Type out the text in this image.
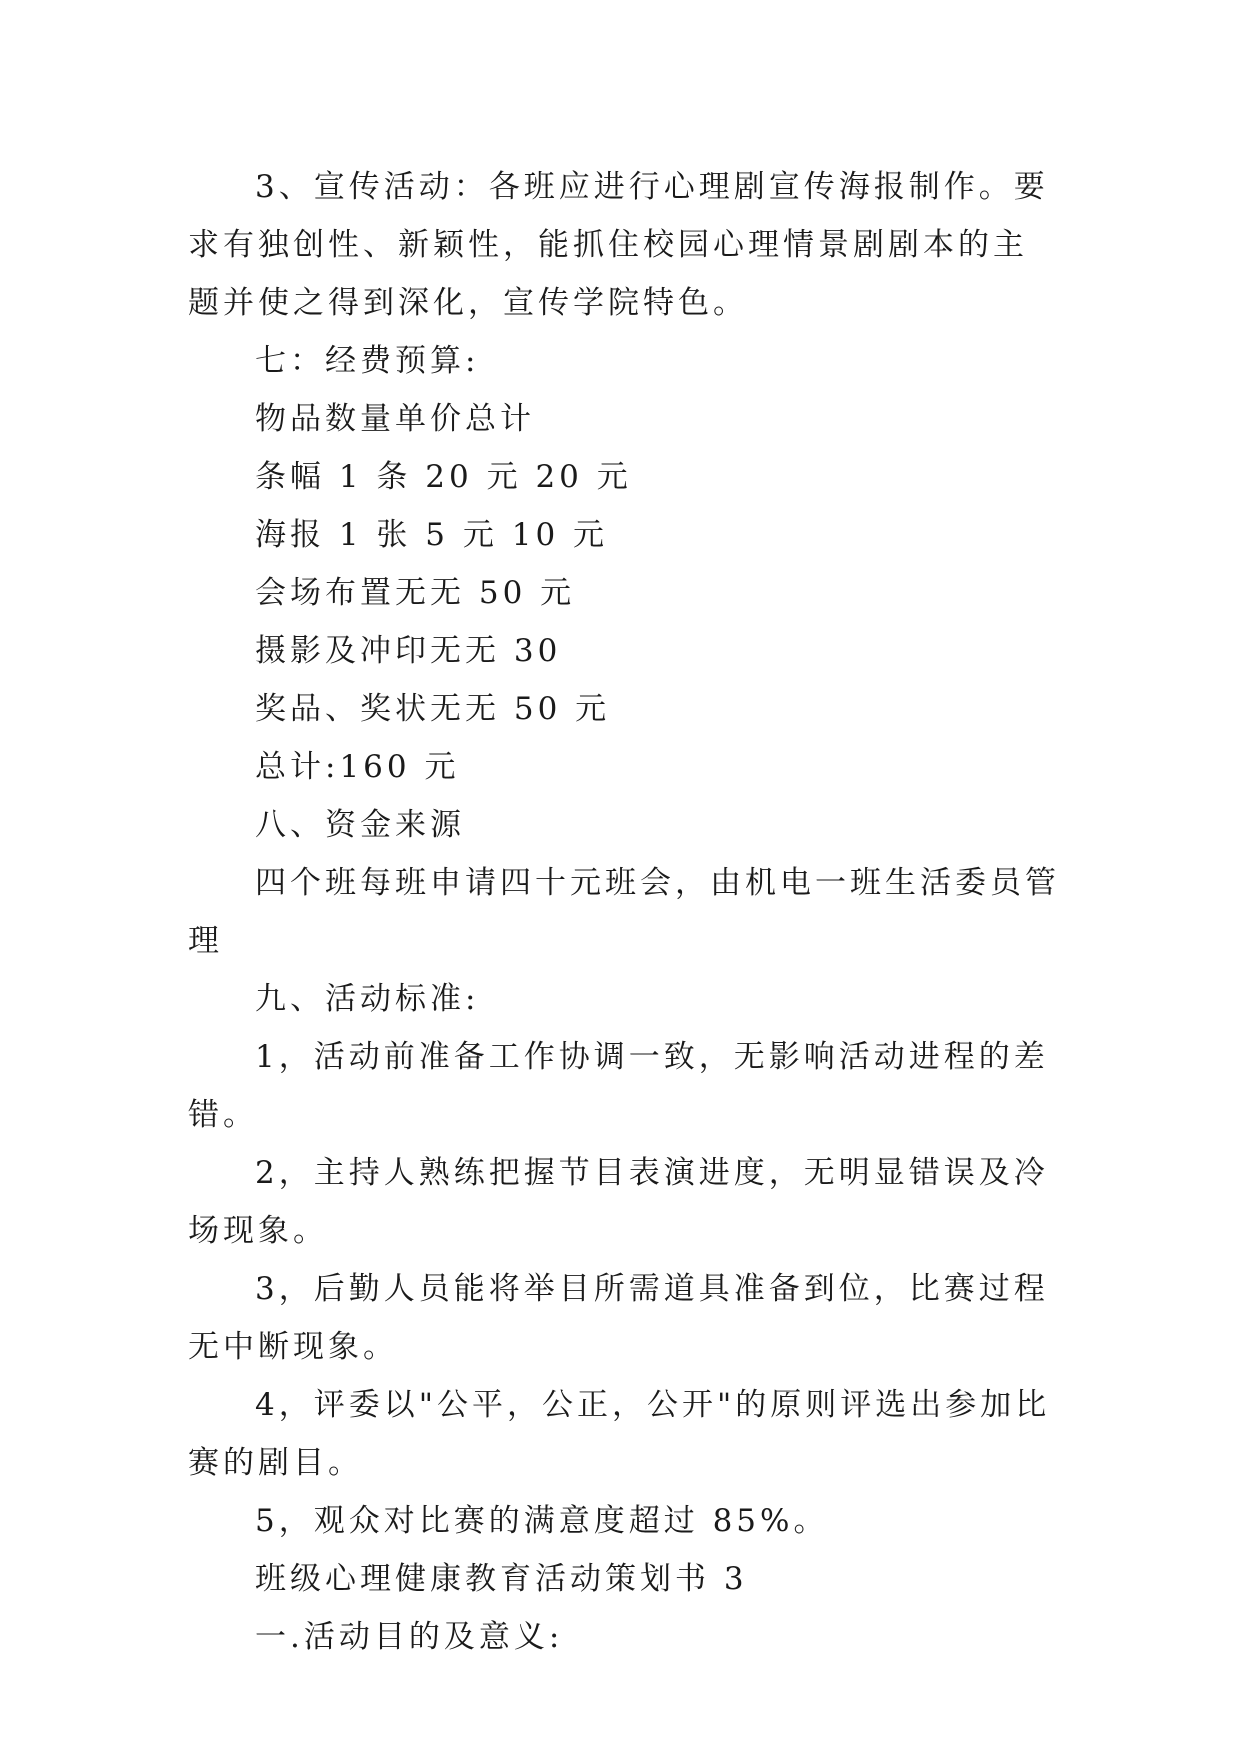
3、宣传活动：各班应进行心理剧宣传海报制作。要求有独创性、新颖性，能抓住校园心理情景剧剧本的主题并使之得到深化，宣传学院特色。

七：经费预算:

物品数量单价总计

条幅 1 条 20 元 20 元

海报 1 张 5 元 10 元

会场布置无无 50 元

摄影及冲印无无 30

奖品、奖状无无 50 元

总计:160 元

八、资金来源

四个班每班申请四十元班会，由机电一班生活委员管理

九、活动标准:

1，活动前准备工作协调一致，无影响活动进程的差错。

2，主持人熟练把握节目表演进度，无明显错误及冷场现象。

3，后勤人员能将举目所需道具准备到位，比赛过程无中断现象。

4，评委以"公平，公正，公开"的原则评选出参加比赛的剧目。

5，观众对比赛的满意度超过 85%。

班级心理健康教育活动策划书 3

一.活动目的及意义:
